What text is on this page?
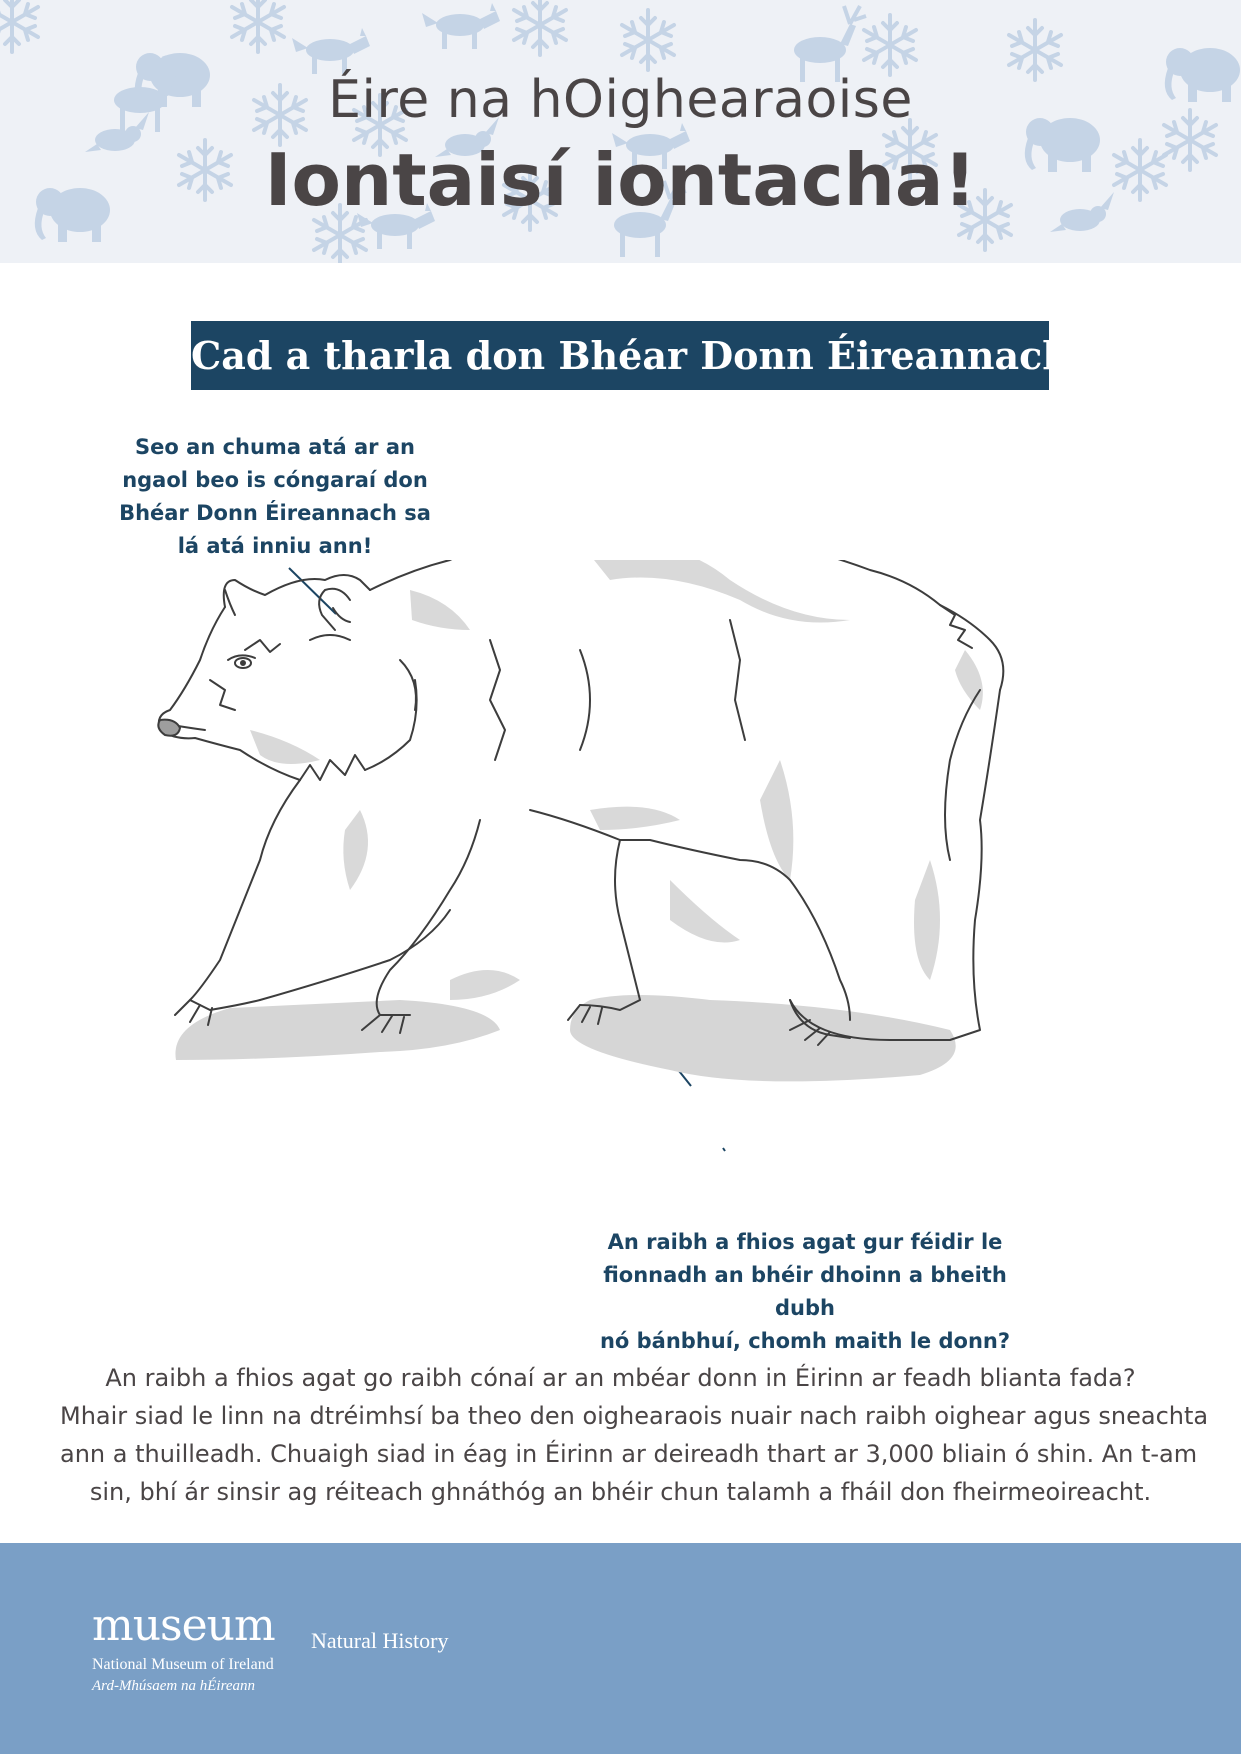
Éire na hOighearaoise
Iontaisí iontacha!
Cad a tharla don Bhéar Donn Éireannach?
Seo an chuma atá ar an
ngaol beo is cóngaraí don
Bhéar Donn Éireannach sa
lá atá inniu ann!
An raibh a fhios agat gur féidir le
fionnadh an bhéir dhoinn a bheith dubh
nó bánbhuí, chomh maith le donn?
An raibh a fhios agat go raibh cónaí ar an mbéar donn in Éirinn ar feadh blianta fada?
Mhair siad le linn na dtréimhsí ba theo den oighearaois nuair nach raibh oighear agus sneachta
ann a thuilleadh. Chuaigh siad in éag in Éirinn ar deireadh thart ar 3,000 bliain ó shin. An t-am
sin, bhí ár sinsir ag réiteach ghnáthóg an bhéir chun talamh a fháil don fheirmeoireacht.
museum
National Museum of Ireland
Ard-Mhúsaem na hÉireann
Natural History
